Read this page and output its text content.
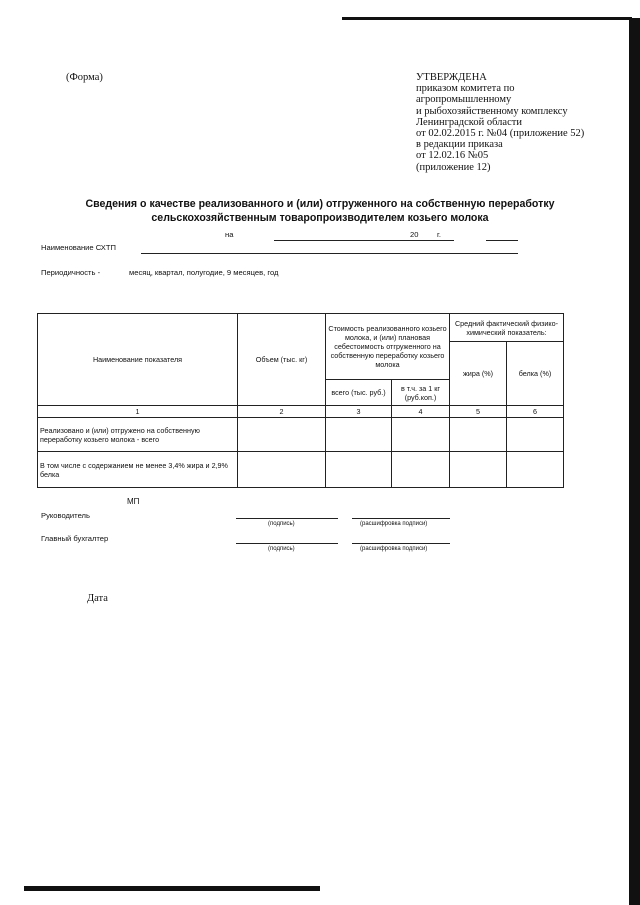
(Форма)	УТВЕРЖДЕНА
приказом комитета по
агропромышленному
и рыбохозяйственному комплексу
Ленинградской области
от 02.02.2015 г. №04 (приложение 52)
в редакции приказа
от 12.02.16 №05
(приложение 12)
Сведения о качестве реализованного и (или) отгруженного на собственную переработку
сельскохозяйственным товаропроизводителем козьего молока
на	20 г.
Наименование СХТП
Периодичность -	месяц, квартал, полугодие, 9 месяцев, год
Наименование показателя	Объем (тыс. кг)	Стоимость реализованного козьего молока, и (или) плановая себестоимость отгруженного на собственную переработку козьего молока		Средний фактический физико-химический показатель:	
				жира (%)	белка (%)
		всего (тыс. руб.)	в т.ч. за 1 кг (руб.коп.)		
1	2	3	4	5	6
Реализовано и (или) отгружено на собственную переработку козьего молока - всего					
В том числе с содержанием не менее 3,4% жира и 2,9% белка					
МП
Руководитель
(подпись)	(расшифровка подписи)
Главный бухгалтер
(подпись)	(расшифровка подписи)
Дата
